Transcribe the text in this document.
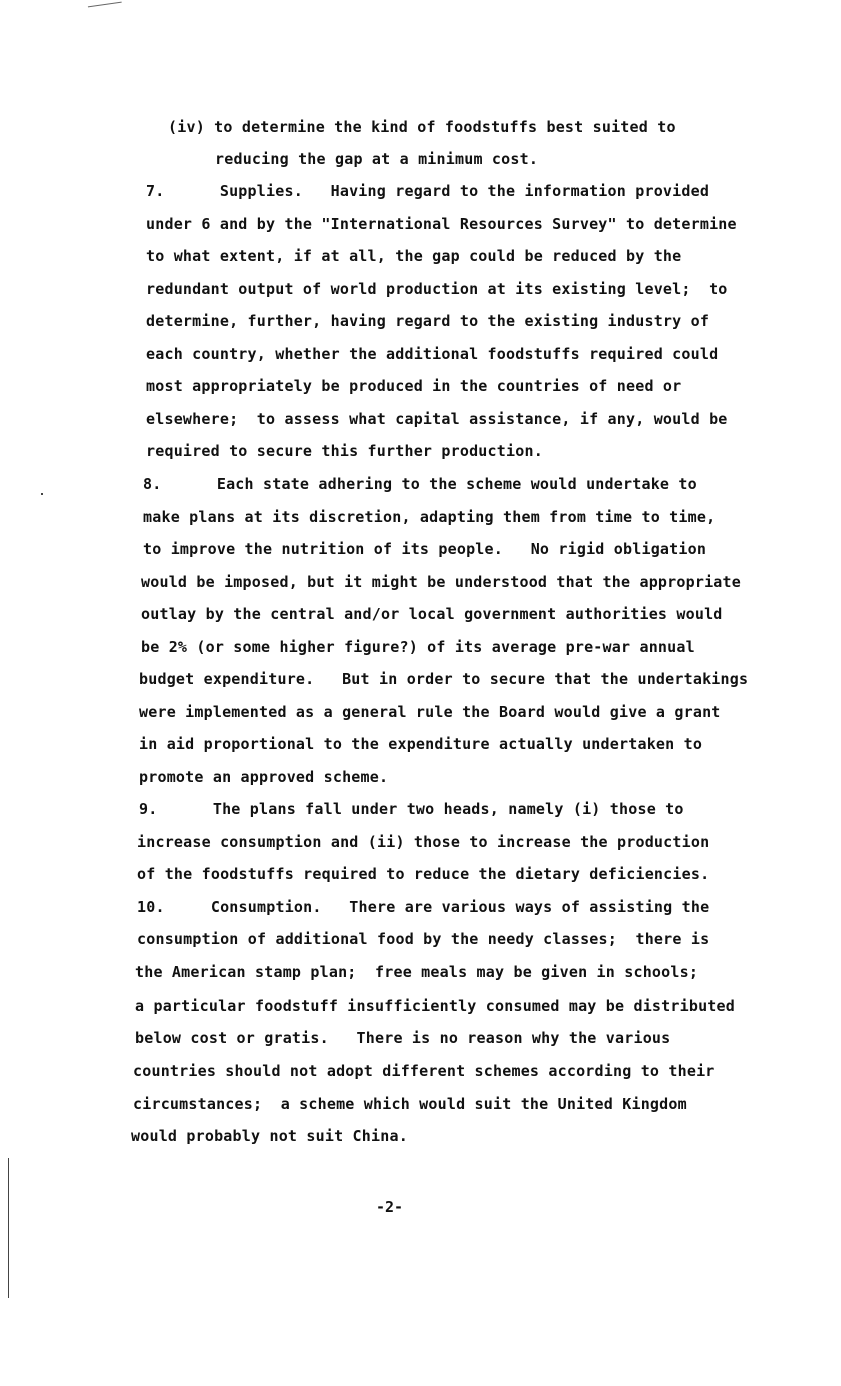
(iv) to determine the kind of foodstuffs best suited to
reducing the gap at a minimum cost.
7.      Supplies.   Having regard to the information provided
under 6 and by the "International Resources Survey" to determine
to what extent, if at all, the gap could be reduced by the
redundant output of world production at its existing level;  to
determine, further, having regard to the existing industry of
each country, whether the additional foodstuffs required could
most appropriately be produced in the countries of need or
elsewhere;  to assess what capital assistance, if any, would be
required to secure this further production.
8.      Each state adhering to the scheme would undertake to
make plans at its discretion, adapting them from time to time,
to improve the nutrition of its people.   No rigid obligation
would be imposed, but it might be understood that the appropriate
outlay by the central and/or local government authorities would
be 2% (or some higher figure?) of its average pre-war annual
budget expenditure.   But in order to secure that the undertakings
were implemented as a general rule the Board would give a grant
in aid proportional to the expenditure actually undertaken to
promote an approved scheme.
9.      The plans fall under two heads, namely (i) those to
increase consumption and (ii) those to increase the production
of the foodstuffs required to reduce the dietary deficiencies.
10.     Consumption.   There are various ways of assisting the
consumption of additional food by the needy classes;  there is
the American stamp plan;  free meals may be given in schools;
a particular foodstuff insufficiently consumed may be distributed
below cost or gratis.   There is no reason why the various
countries should not adopt different schemes according to their
circumstances;  a scheme which would suit the United Kingdom
would probably not suit China.
-2-
